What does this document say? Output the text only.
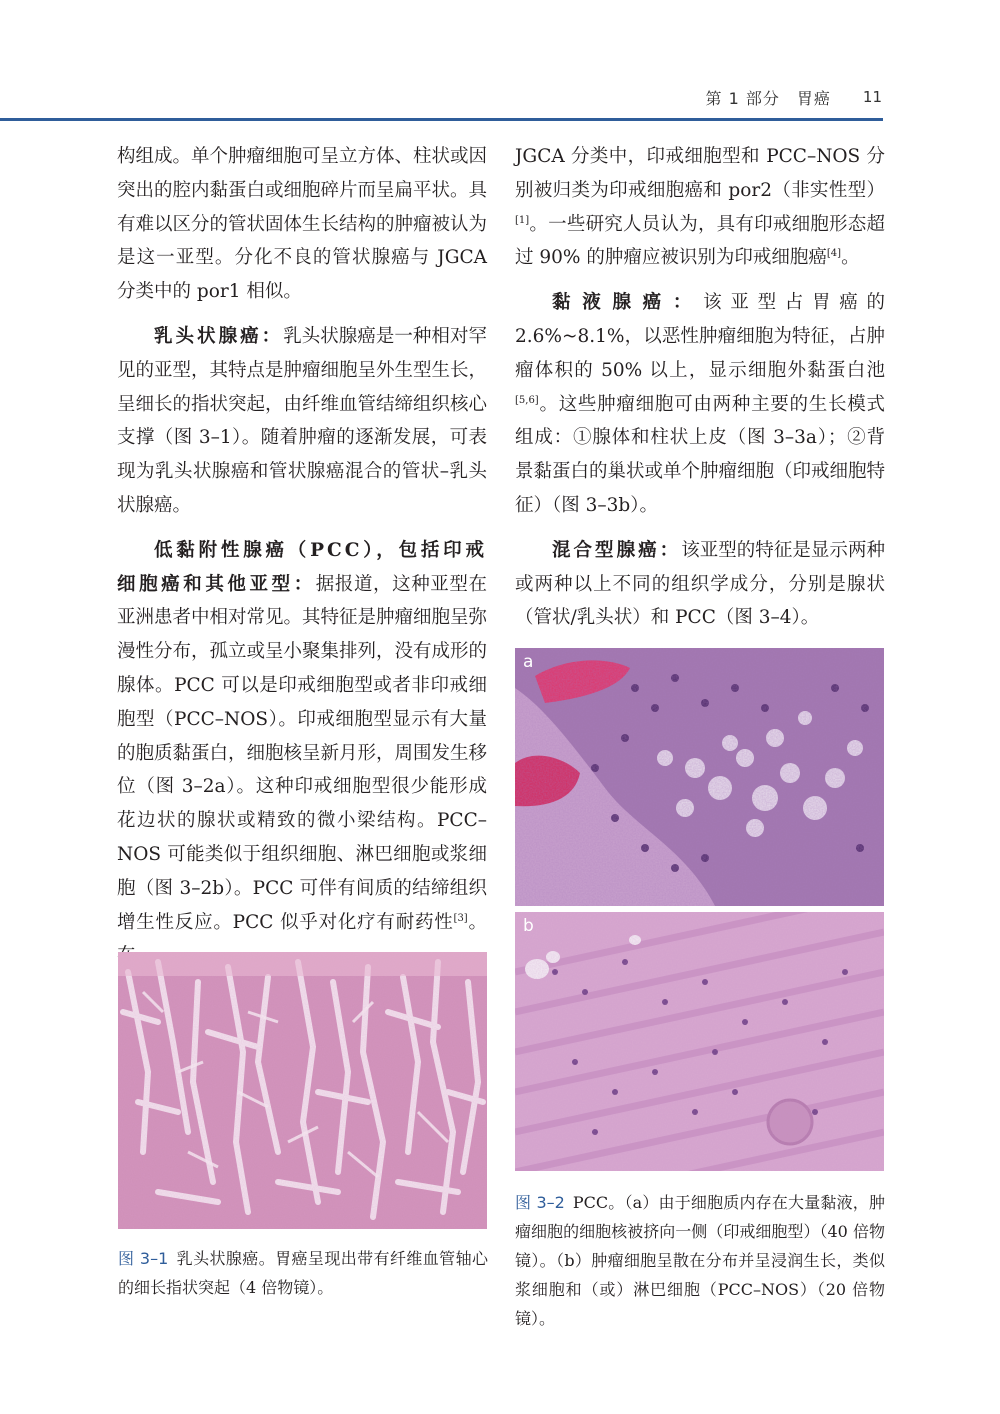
第 1 部分　胃癌 11

构组成。单个肿瘤细胞可呈立方体、柱状或因突出的腔内黏蛋白或细胞碎片而呈扁平状。具有难以区分的管状固体生长结构的肿瘤被认为是这一亚型。分化不良的管状腺癌与 JGCA 分类中的 por1 相似。

乳头状腺癌：乳头状腺癌是一种相对罕见的亚型，其特点是肿瘤细胞呈外生型生长，呈细长的指状突起，由纤维血管结缔组织核心支撑（图 3–1）。随着肿瘤的逐渐发展，可表现为乳头状腺癌和管状腺癌混合的管状–乳头状腺癌。

低黏附性腺癌（PCC），包括印戒细胞癌和其他亚型：据报道，这种亚型在亚洲患者中相对常见。其特征是肿瘤细胞呈弥漫性分布，孤立或呈小聚集排列，没有成形的腺体。PCC 可以是印戒细胞型或者非印戒细胞型（PCC–NOS）。印戒细胞型显示有大量的胞质黏蛋白，细胞核呈新月形，周围发生移位（图 3–2a）。这种印戒细胞型很少能形成花边状的腺状或精致的微小梁结构。PCC–NOS 可能类似于组织细胞、淋巴细胞或浆细胞（图 3–2b）。PCC 可伴有间质的结缔组织增生性反应。PCC 似乎对化疗有耐药性[3]。

JGCA 分类中，印戒细胞型和 PCC–NOS 分别被归类为印戒细胞癌和 por2（非实性型）[1]。一些研究人员认为，具有印戒细胞形态超过 90% 的肿瘤应被识别为印戒细胞癌[4]。

黏液腺癌：该亚型占胃癌的 2.6%~8.1%，以恶性肿瘤细胞为特征，占肿瘤体积的 50% 以上，显示细胞外黏蛋白池[5,6]。这些肿瘤细胞可由两种主要的生长模式组成：①腺体和柱状上皮（图 3–3a）；②背景黏蛋白的巢状或单个肿瘤细胞（印戒细胞特征）（图 3–3b）。

混合型腺癌：该亚型的特征是显示两种或两种以上不同的组织学成分，分别是腺状（管状/乳头状）和 PCC（图 3–4）。

图 3–1 乳头状腺癌。胃癌呈现出带有纤维血管轴心的细长指状突起（4 倍物镜）。
a
b
图 3–2 PCC。（a）由于细胞质内存在大量黏液，肿瘤细胞的细胞核被挤向一侧（印戒细胞型）（40 倍物镜）。（b）肿瘤细胞呈散在分布并呈浸润生长，类似浆细胞和（或）淋巴细胞（PCC–NOS）（20 倍物镜）。
